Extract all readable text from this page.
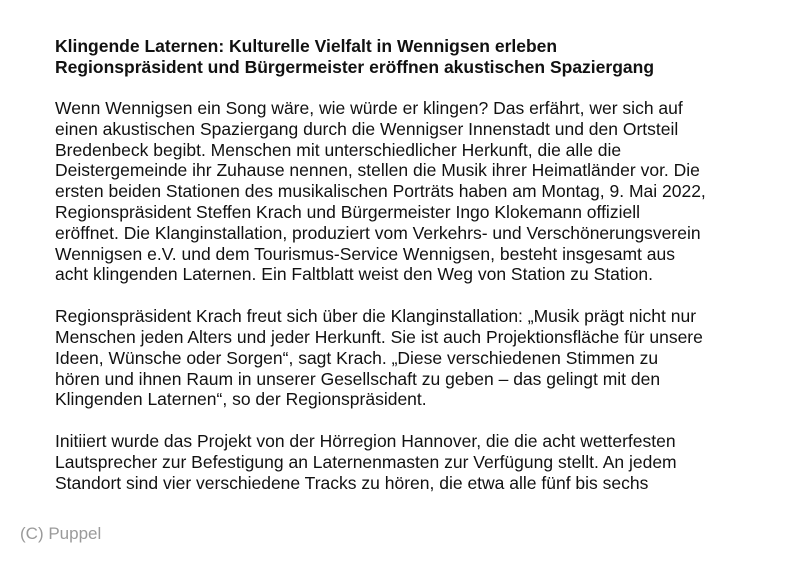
Klingende Laternen: Kulturelle Vielfalt in Wennigsen erleben
Regionspräsident und Bürgermeister eröffnen akustischen Spaziergang

Wenn Wennigsen ein Song wäre, wie würde er klingen? Das erfährt, wer sich auf
einen akustischen Spaziergang durch die Wennigser Innenstadt und den Ortsteil
Bredenbeck begibt. Menschen mit unterschiedlicher Herkunft, die alle die
Deistergemeinde ihr Zuhause nennen, stellen die Musik ihrer Heimatländer vor. Die
ersten beiden Stationen des musikalischen Porträts haben am Montag, 9. Mai 2022,
Regionspräsident Steffen Krach und Bürgermeister Ingo Klokemann offiziell
eröffnet. Die Klanginstallation, produziert vom Verkehrs- und Verschönerungsverein
Wennigsen e.V. und dem Tourismus-Service Wennigsen, besteht insgesamt aus
acht klingenden Laternen. Ein Faltblatt weist den Weg von Station zu Station.

Regionspräsident Krach freut sich über die Klanginstallation: „Musik prägt nicht nur
Menschen jeden Alters und jeder Herkunft. Sie ist auch Projektionsfläche für unsere
Ideen, Wünsche oder Sorgen“, sagt Krach. „Diese verschiedenen Stimmen zu
hören und ihnen Raum in unserer Gesellschaft zu geben – das gelingt mit den
Klingenden Laternen“, so der Regionspräsident.

Initiiert wurde das Projekt von der Hörregion Hannover, die die acht wetterfesten
Lautsprecher zur Befestigung an Laternenmasten zur Verfügung stellt. An jedem
Standort sind vier verschiedene Tracks zu hören, die etwa alle fünf bis sechs

(C) Puppel
